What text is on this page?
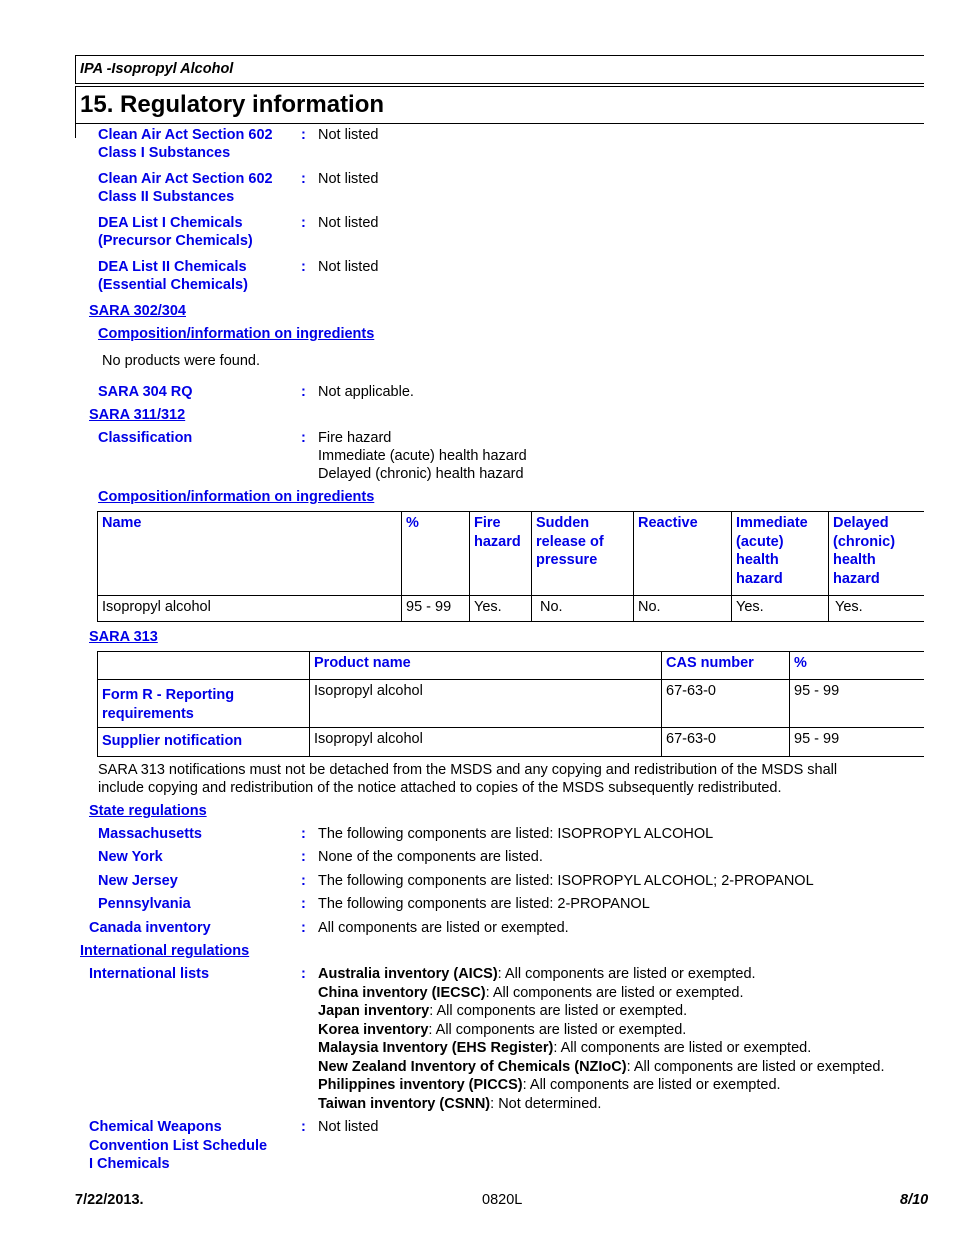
IPA -Isopropyl Alcohol
15. Regulatory information
Clean Air Act Section 602
Class I Substances
: Not listed
Clean Air Act Section 602
Class II Substances
: Not listed
DEA List I Chemicals
(Precursor Chemicals)
: Not listed
DEA List II Chemicals
(Essential Chemicals)
: Not listed
SARA 302/304
Composition/information on ingredients
No products were found.
SARA 304 RQ	: Not applicable.
SARA 311/312
Classification	: Fire hazard
Immediate (acute) health hazard
Delayed (chronic) health hazard
Composition/information on ingredients
Name	%	Fire hazard	Sudden release of pressure	Reactive	Immediate (acute) health hazard	Delayed (chronic) health hazard
Isopropyl alcohol	95 - 99	Yes.	No.	No.	Yes.	Yes.
SARA 313
	Product name	CAS number	%
Form R - Reporting requirements	Isopropyl alcohol	67-63-0	95 - 99
Supplier notification	Isopropyl alcohol	67-63-0	95 - 99
SARA 313 notifications must not be detached from the MSDS and any copying and redistribution of the MSDS shall
include copying and redistribution of the notice attached to copies of the MSDS subsequently redistributed.
State regulations
Massachusetts	: The following components are listed: ISOPROPYL ALCOHOL
New York	: None of the components are listed.
New Jersey	: The following components are listed: ISOPROPYL ALCOHOL; 2-PROPANOL
Pennsylvania	: The following components are listed: 2-PROPANOL
Canada inventory	: All components are listed or exempted.
International regulations
International lists	: Australia inventory (AICS): All components are listed or exempted.
China inventory (IECSC): All components are listed or exempted.
Japan inventory: All components are listed or exempted.
Korea inventory: All components are listed or exempted.
Malaysia Inventory (EHS Register): All components are listed or exempted.
New Zealand Inventory of Chemicals (NZIoC): All components are listed or exempted.
Philippines inventory (PICCS): All components are listed or exempted.
Taiwan inventory (CSNN): Not determined.
Chemical Weapons
Convention List Schedule
I Chemicals
: Not listed
7/22/2013.	0820L	8/10
